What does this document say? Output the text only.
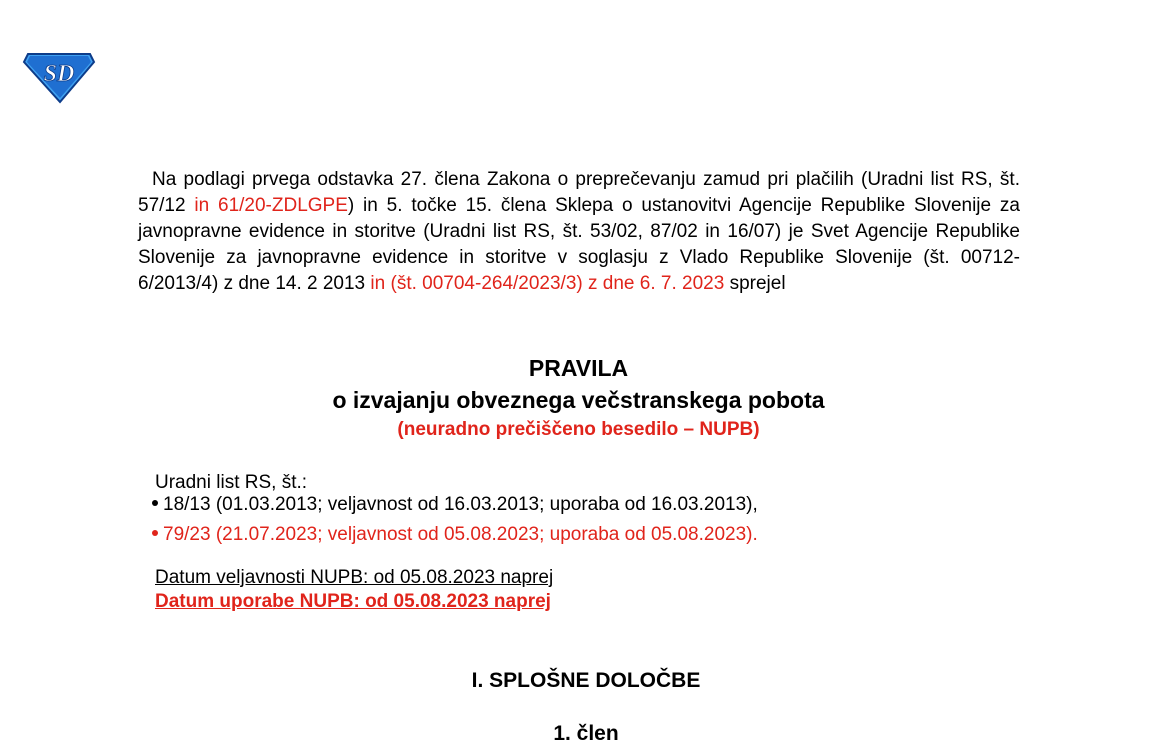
SD
Na podlagi prvega odstavka 27. člena Zakona o preprečevanju zamud pri plačilih (Uradni list RS, št. 57/12 in 61/20-ZDLGPE) in 5. točke 15. člena Sklepa o ustanovitvi Agencije Republike Slovenije za javnopravne evidence in storitve (Uradni list RS, št. 53/02, 87/02 in 16/07) je Svet Agencije Republike Slovenije za javnopravne evidence in storitve v soglasju z Vlado Republike Slovenije (št. 00712-6/2013/4) z dne 14. 2 2013 in (št. 00704-264/2023/3) z dne 6. 7. 2023 sprejel
PRAVILA
o izvajanju obveznega večstranskega pobota
(neuradno prečiščeno besedilo – NUPB)
Uradni list RS, št.:
18/13 (01.03.2013; veljavnost od 16.03.2013; uporaba od 16.03.2013),
79/23 (21.07.2023; veljavnost od 05.08.2023; uporaba od 05.08.2023).
Datum veljavnosti NUPB: od 05.08.2023 naprej
Datum uporabe NUPB: od 05.08.2023 naprej
I. SPLOŠNE DOLOČBE
1. člen
